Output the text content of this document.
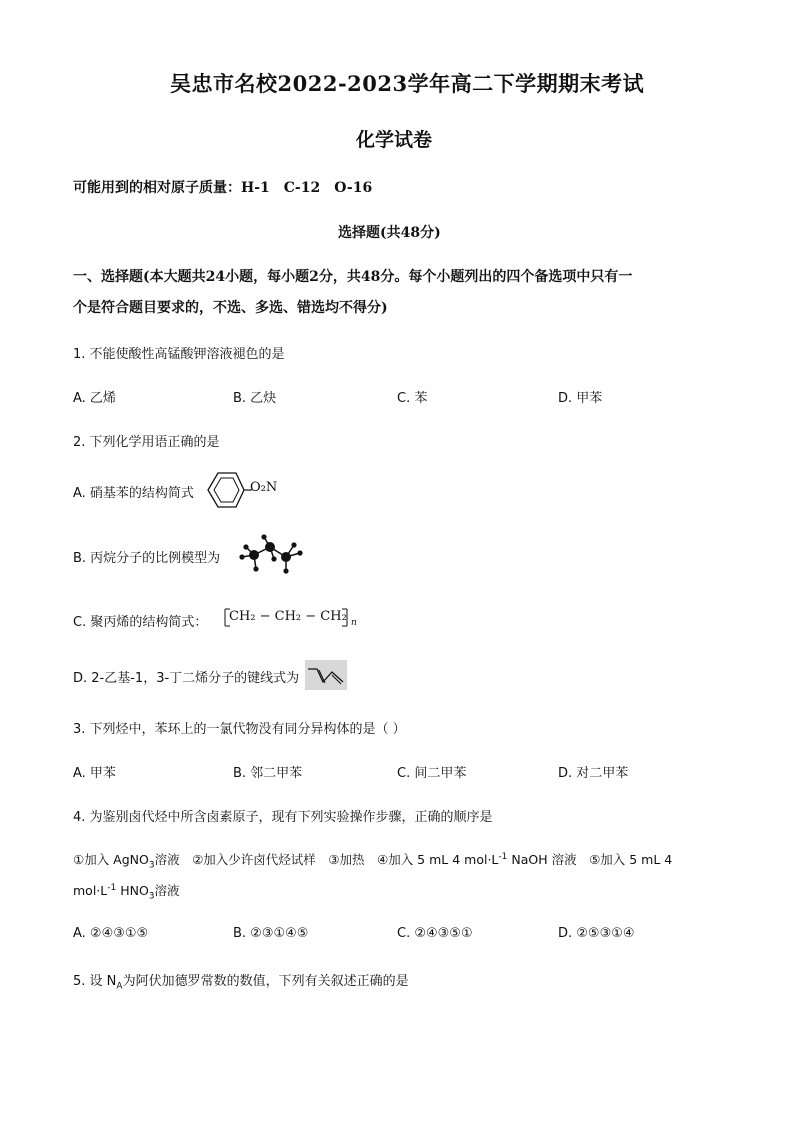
吴忠市名校2022-2023学年高二下学期期末考试
化学试卷
可能用到的相对原子质量：H-1　C-12　O-16
选择题(共48分)
一、选择题(本大题共24小题，每小题2分，共48分。每个小题列出的四个备选项中只有一
个是符合题目要求的，不选、多选、错选均不得分)
1. 不能使酸性高锰酸钾溶液褪色的是
A. 乙烯	B. 乙炔	C. 苯	D. 甲苯
2. 下列化学用语正确的是
A. 硝基苯的结构简式	O₂N
B. 丙烷分子的比例模型为
C. 聚丙烯的结构简式： CH₂ − CH₂ − CH₂ n
D. 2-乙基-1，3-丁二烯分子的键线式为
3. 下列烃中，苯环上的一氯代物没有同分异构体的是（ ）
A. 甲苯	B. 邻二甲苯	C. 间二甲苯	D. 对二甲苯
4. 为鉴别卤代烃中所含卤素原子，现有下列实验操作步骤，正确的顺序是
①加入 AgNO$_3$溶液　②加入少许卤代烃试样　③加热　④加入 5 mL 4 $mol\cdot L^{-1}$ NaOH 溶液　⑤加入 5 mL 4
$mol\cdot L^{-1}$ $HNO_3$溶液
A. ②④③①⑤	B. ②③①④⑤	C. ②④③⑤①	D. ②⑤③①④
5. 设 $N_A$为阿伏加德罗常数的数值，下列有关叙述正确的是
